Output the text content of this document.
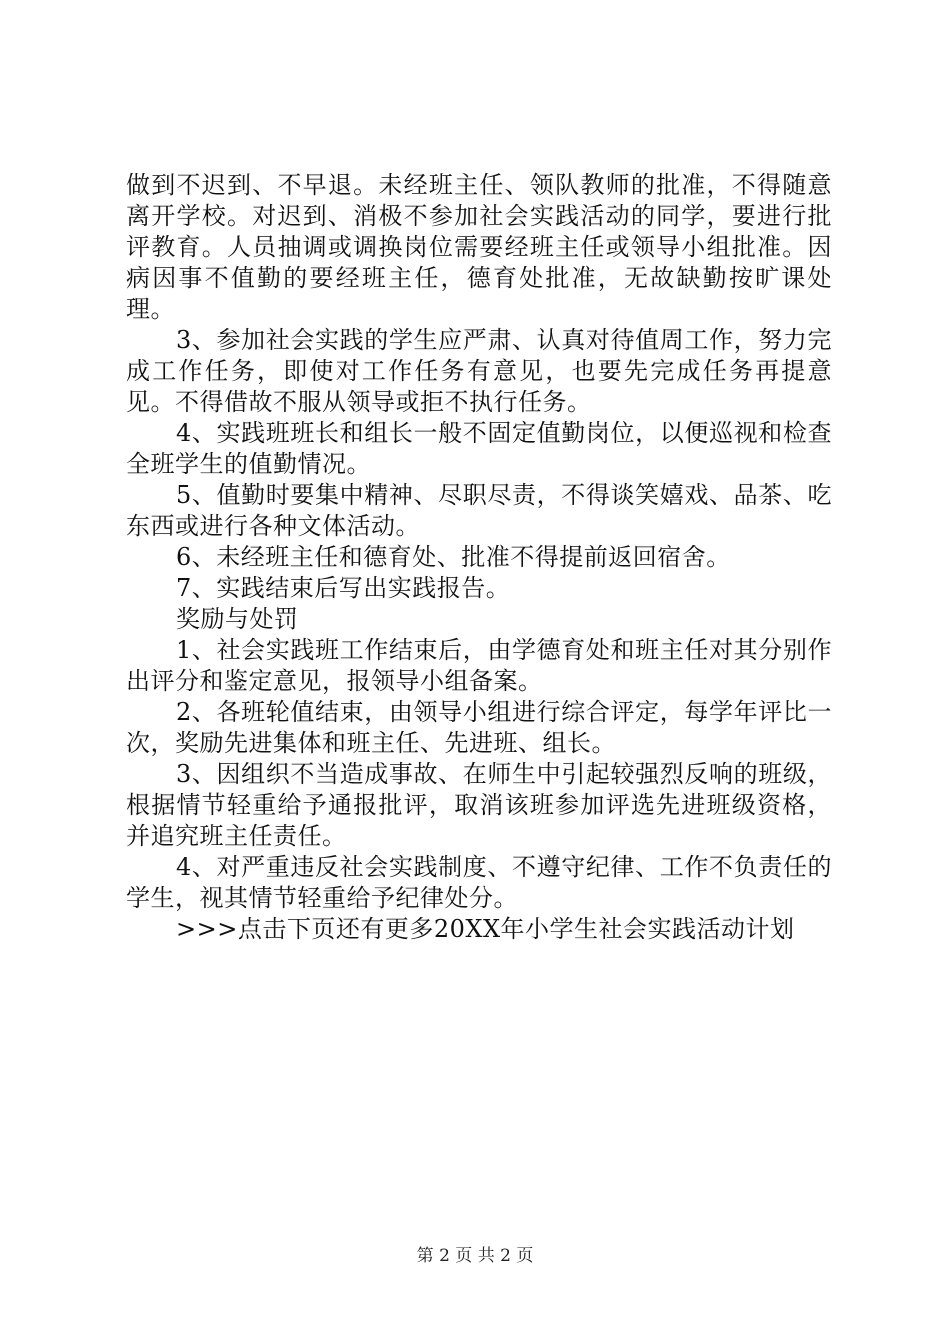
做到不迟到、不早退。未经班主任、领队教师的批准，不得随意离开学校。对迟到、消极不参加社会实践活动的同学，要进行批评教育。人员抽调或调换岗位需要经班主任或领导小组批准。因病因事不值勤的要经班主任，德育处批准，无故缺勤按旷课处理。

3、参加社会实践的学生应严肃、认真对待值周工作，努力完成工作任务，即使对工作任务有意见，也要先完成任务再提意见。不得借故不服从领导或拒不执行任务。

4、实践班班长和组长一般不固定值勤岗位，以便巡视和检查全班学生的值勤情况。

5、值勤时要集中精神、尽职尽责，不得谈笑嬉戏、品茶、吃东西或进行各种文体活动。

6、未经班主任和德育处、批准不得提前返回宿舍。

7、实践结束后写出实践报告。

奖励与处罚

1、社会实践班工作结束后，由学德育处和班主任对其分别作出评分和鉴定意见，报领导小组备案。

2、各班轮值结束，由领导小组进行综合评定，每学年评比一次，奖励先进集体和班主任、先进班、组长。

3、因组织不当造成事故、在师生中引起较强烈反响的班级，根据情节轻重给予通报批评，取消该班参加评选先进班级资格，并追究班主任责任。

4、对严重违反社会实践制度、不遵守纪律、工作不负责任的学生，视其情节轻重给予纪律处分。

>>>点击下页还有更多20XX年小学生社会实践活动计划

第 2 页 共 2 页
